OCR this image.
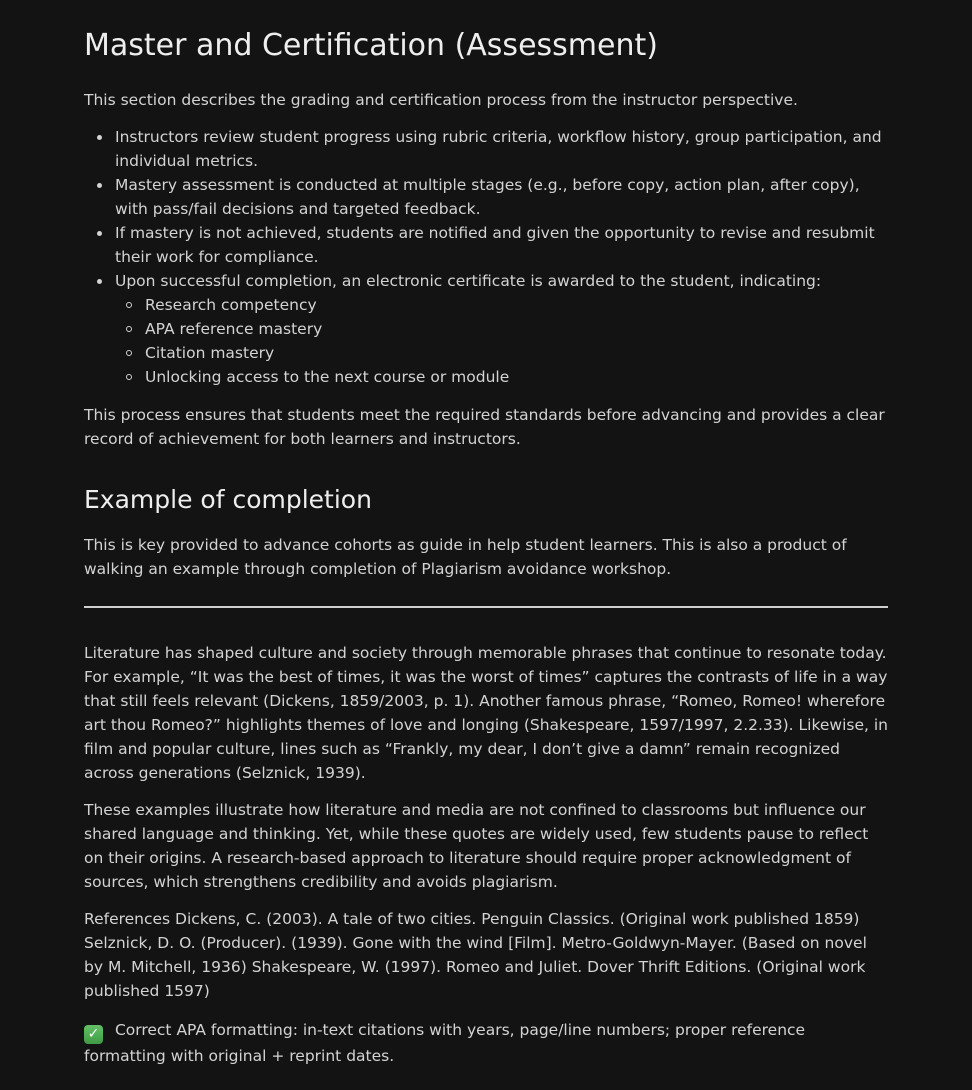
Master and Certification (Assessment)

This section describes the grading and certification process from the instructor perspective.

Instructors review student progress using rubric criteria, workflow history, group participation, and individual metrics.
Mastery assessment is conducted at multiple stages (e.g., before copy, action plan, after copy), with pass/fail decisions and targeted feedback.
If mastery is not achieved, students are notified and given the opportunity to revise and resubmit their work for compliance.
Upon successful completion, an electronic certificate is awarded to the student, indicating:
Research competency
APA reference mastery
Citation mastery
Unlocking access to the next course or module

This process ensures that students meet the required standards before advancing and provides a clear record of achievement for both learners and instructors.

Example of completion

This is key provided to advance cohorts as guide in help student learners. This is also a product of walking an example through completion of Plagiarism avoidance workshop.

Literature has shaped culture and society through memorable phrases that continue to resonate today. For example, “It was the best of times, it was the worst of times” captures the contrasts of life in a way that still feels relevant (Dickens, 1859/2003, p. 1). Another famous phrase, “Romeo, Romeo! wherefore art thou Romeo?” highlights themes of love and longing (Shakespeare, 1597/1997, 2.2.33). Likewise, in film and popular culture, lines such as “Frankly, my dear, I don’t give a damn” remain recognized across generations (Selznick, 1939).

These examples illustrate how literature and media are not confined to classrooms but influence our shared language and thinking. Yet, while these quotes are widely used, few students pause to reflect on their origins. A research-based approach to literature should require proper acknowledgment of sources, which strengthens credibility and avoids plagiarism.

References Dickens, C. (2003). A tale of two cities. Penguin Classics. (Original work published 1859) Selznick, D. O. (Producer). (1939). Gone with the wind [Film]. Metro-Goldwyn-Mayer. (Based on novel by M. Mitchell, 1936) Shakespeare, W. (1997). Romeo and Juliet. Dover Thrift Editions. (Original work published 1597)

✓ Correct APA formatting: in-text citations with years, page/line numbers; proper reference formatting with original + reprint dates.
